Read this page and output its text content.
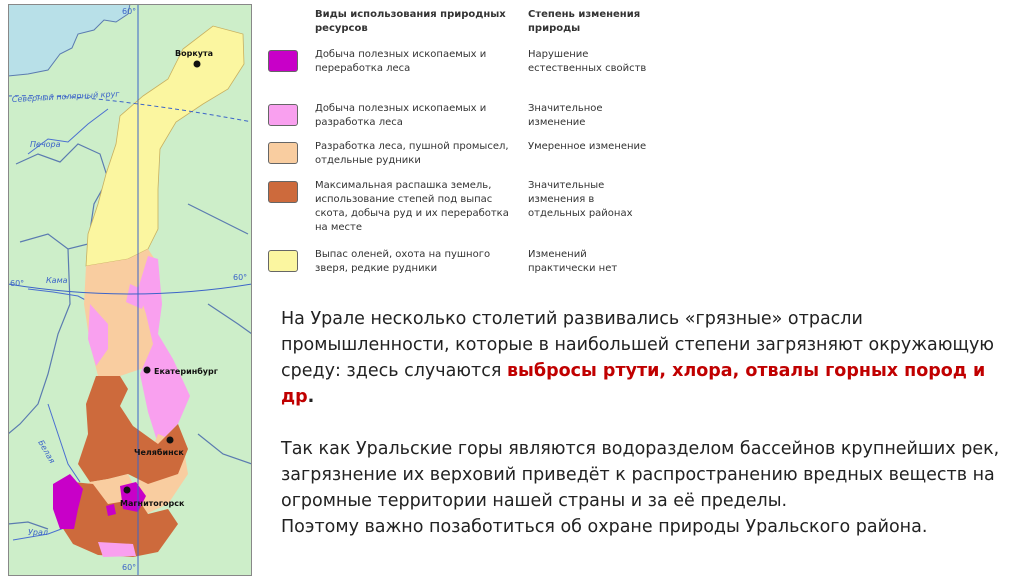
60°
60°
60°
60°
Северный полярный круг
Печора
Кама
Белая
Урал
Воркута
Екатеринбург
Челябинск
Магнитогорск
Виды использования природных ресурсов
Степень изменения природы
Добыча полезных ископаемых и переработка леса
Нарушение естественных свойств
Добыча полезных ископаемых и разработка леса
Значительное изменение
Разработка леса, пушной промысел, отдельные рудники
Умеренное изменение
Максимальная распашка земель, использование степей под выпас скота, добыча руд и их переработка на месте
Значительные изменения в отдельных районах
Выпас оленей, охота на пушного зверя, редкие рудники
Изменений практически нет

На Урале несколько столетий развивались «грязные» отрасли промышленности, которые в наибольшей степени загрязняют окружающую среду: здесь случаются выбросы ртути, хлора, отвалы горных пород и др.

Так как Уральские горы являются водоразделом бассейнов крупнейших рек, загрязнение их верховий приведёт к распространению вредных веществ на огромные территории нашей страны и за её пределы.

Поэтому важно позаботиться об охране природы Уральского района.
